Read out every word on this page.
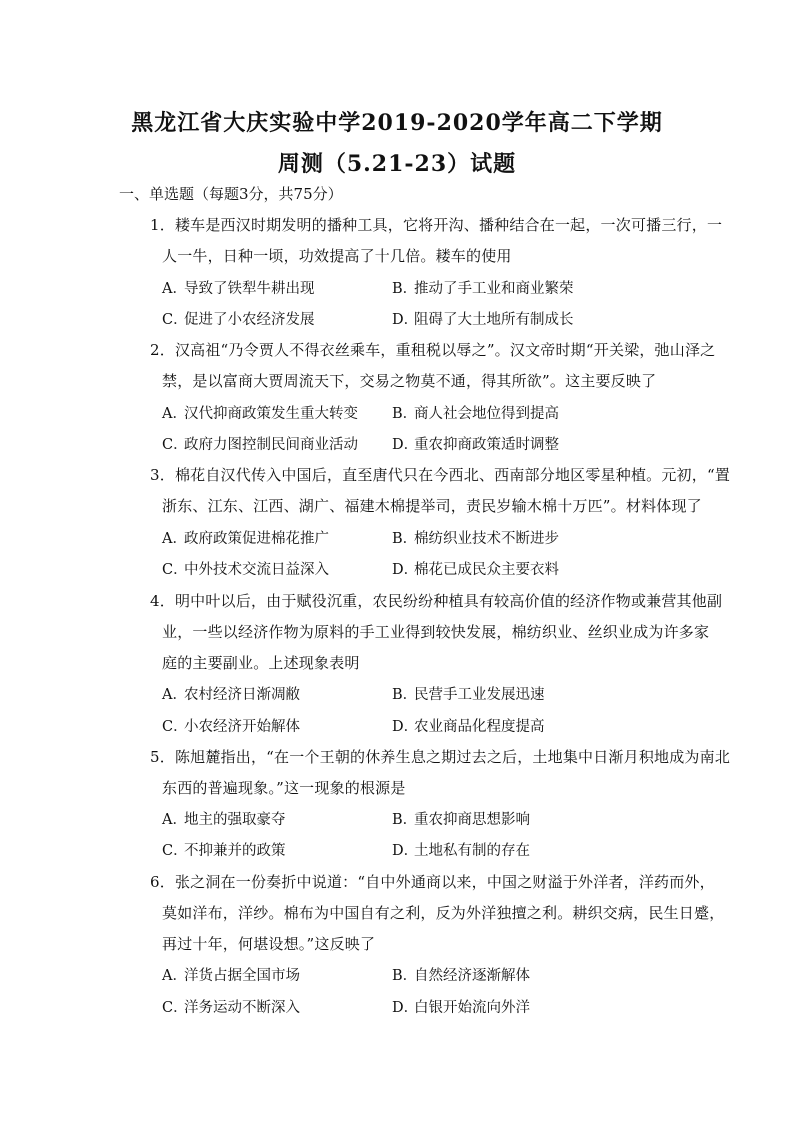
黑龙江省大庆实验中学2019-2020学年高二下学期
周测（5.21-23）试题
一、单选题（每题3分，共75分）
1．耧车是西汉时期发明的播种工具，它将开沟、播种结合在一起，一次可播三行，一
人一牛，日种一顷，功效提高了十几倍。耧车的使用
A．导致了铁犁牛耕出现	B．推动了手工业和商业繁荣
C．促进了小农经济发展	D．阻碍了大土地所有制成长
2．汉高祖“乃令贾人不得衣丝乘车，重租税以辱之”。汉文帝时期“开关梁，弛山泽之
禁，是以富商大贾周流天下，交易之物莫不通，得其所欲”。这主要反映了
A．汉代抑商政策发生重大转变 B．商人社会地位得到提高
C．政府力图控制民间商业活动 D．重农抑商政策适时调整
3．棉花自汉代传入中国后，直至唐代只在今西北、西南部分地区零星种植。元初，“置
浙东、江东、江西、湖广、福建木棉提举司，责民岁输木棉十万匹”。材料体现了
A．政府政策促进棉花推广	B．棉纺织业技术不断进步
C．中外技术交流日益深入	D．棉花已成民众主要衣料
4．明中叶以后，由于赋役沉重，农民纷纷种植具有较高价值的经济作物或兼营其他副
业，一些以经济作物为原料的手工业得到较快发展，棉纺织业、丝织业成为许多家
庭的主要副业。上述现象表明
A．农村经济日渐凋敝	B．民营手工业发展迅速
C．小农经济开始解体	D．农业商品化程度提高
5．陈旭麓指出，“在一个王朝的休养生息之期过去之后，土地集中日渐月积地成为南北
东西的普遍现象。”这一现象的根源是
A．地主的强取豪夺	B．重农抑商思想影响
C．不抑兼并的政策	D．土地私有制的存在
6．张之洞在一份奏折中说道：“自中外通商以来，中国之财溢于外洋者，洋药而外，
莫如洋布，洋纱。棉布为中国自有之利，反为外洋独擅之利。耕织交病，民生日蹙，
再过十年，何堪设想。”这反映了
A．洋货占据全国市场	B．自然经济逐渐解体
C．洋务运动不断深入	D．白银开始流向外洋
